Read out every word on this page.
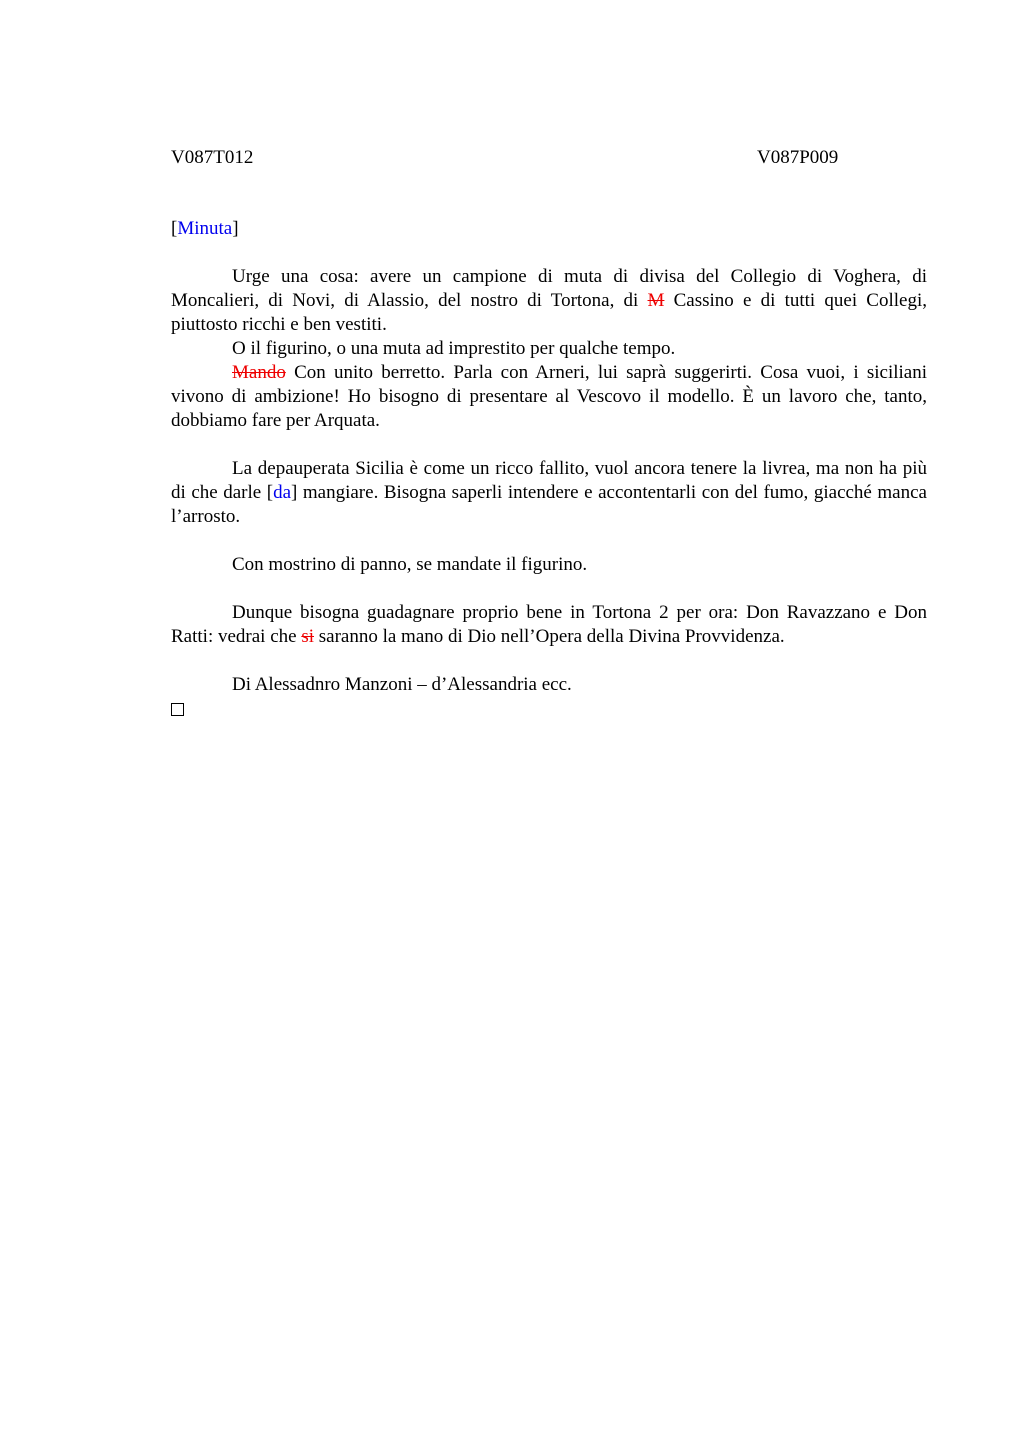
V087T012	V087P009

[Minuta]

Urge una cosa: avere un campione di muta di divisa del Collegio di Voghera, di Moncalieri, di Novi, di Alassio, del nostro di Tortona, di M Cassino e di tutti quei Collegi, piuttosto ricchi e ben vestiti.

O il figurino, o una muta ad imprestito per qualche tempo.

Mando Con unito berretto. Parla con Arneri, lui saprà suggerirti. Cosa vuoi, i siciliani vivono di ambizione! Ho bisogno di presentare al Vescovo il modello. È un lavoro che, tanto, dobbiamo fare per Arquata.

La depauperata Sicilia è come un ricco fallito, vuol ancora tenere la livrea, ma non ha più di che darle [da] mangiare. Bisogna saperli intendere e accontentarli con del fumo, giacché manca l’arrosto.

Con mostrino di panno, se mandate il figurino.

Dunque bisogna guadagnare proprio bene in Tortona 2 per ora: Don Ravazzano e Don Ratti: vedrai che si saranno la mano di Dio nell’Opera della Divina Provvidenza.

Di Alessadnro Manzoni – d’Alessandria ecc.
